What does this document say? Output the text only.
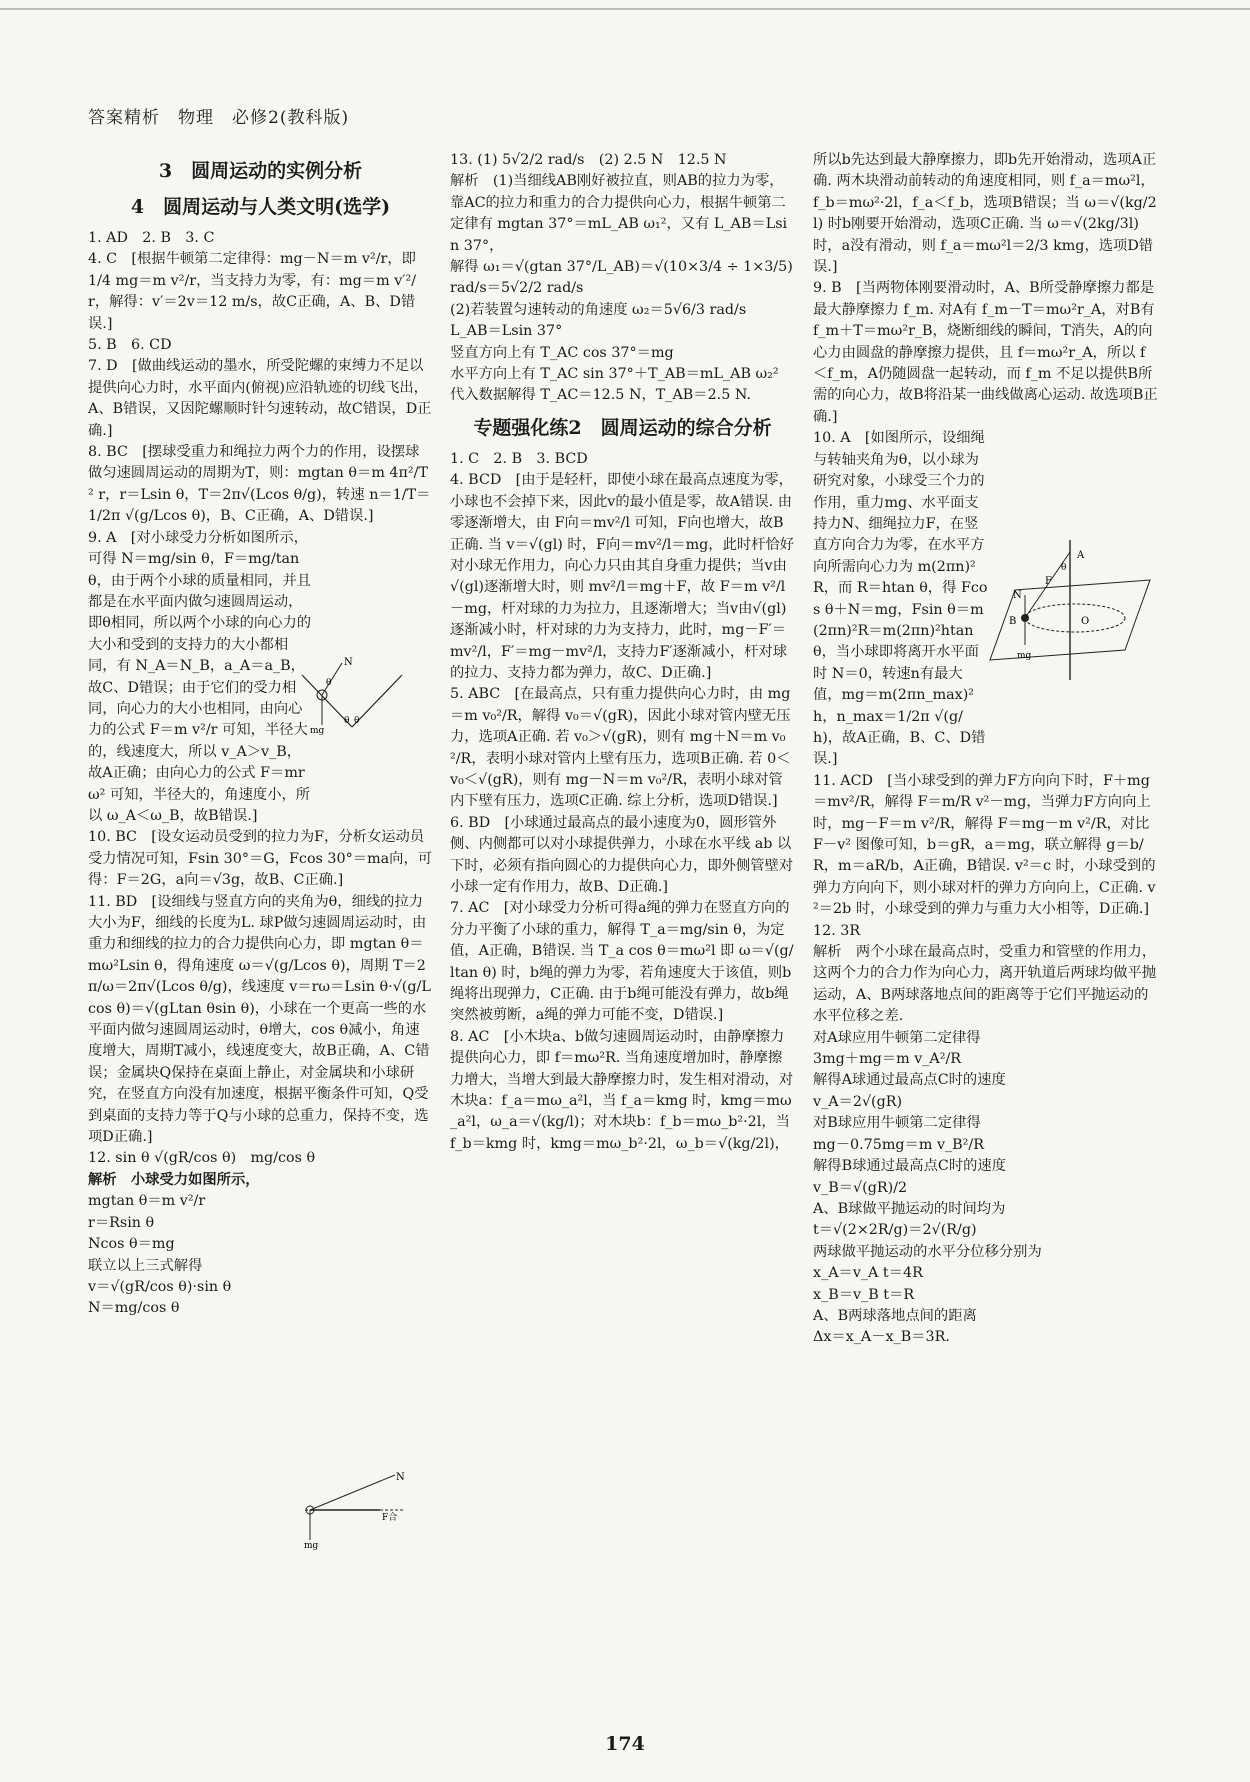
答案精析　物理　必修2(教科版)
3　圆周运动的实例分析
4　圆周运动与人类文明(选学)
1. AD　2. B　3. C
4. C　[根据牛顿第二定律得：mg－N＝m v²/r，即 1/4 mg＝m v²/r，当支持力为零，有：mg＝m v′²/r，解得：v′＝2v＝12 m/s，故C正确，A、B、D错误.]
5. B　6. CD
7. D　[做曲线运动的墨水，所受陀螺的束缚力不足以提供向心力时，水平面内(俯视)应沿轨迹的切线飞出，A、B错误，又因陀螺顺时针匀速转动，故C错误，D正确.]
8. BC　[摆球受重力和绳拉力两个力的作用，设摆球做匀速圆周运动的周期为T，则：mgtan θ＝m 4π²/T² r，r＝Lsin θ，T＝2π√(Lcos θ/g)，转速 n＝1/T＝1/2π √(g/Lcos θ)，B、C正确，A、D错误.]
9. A　[对小球受力分析如图所示，可得 N＝mg/sin θ，F＝mg/tan θ，由于两个小球的质量相同，并且都是在水平面内做匀速圆周运动，即θ相同，所以两个小球的向心力的大小和受到的支持力的大小都相同，有 N_A＝N_B，a_A＝a_B，故C、D错误；由于它们的受力相同，向心力的大小也相同，由向心力的公式 F＝m v²/r 可知，半径大的，线速度大，所以 v_A＞v_B，故A正确；由向心力的公式 F＝mrω² 可知，半径大的，角速度小，所以 ω_A＜ω_B，故B错误.]
10. BC　[设女运动员受到的拉力为F，分析女运动员受力情况可知，Fsin 30°＝G，Fcos 30°＝ma向，可得：F＝2G，a向＝√3g，故B、C正确.]
11. BD　[设细线与竖直方向的夹角为θ，细线的拉力大小为F，细线的长度为L. 球P做匀速圆周运动时，由重力和细线的拉力的合力提供向心力，即 mgtan θ＝mω²Lsin θ，得角速度 ω＝√(g/Lcos θ)，周期 T＝2π/ω＝2π√(Lcos θ/g)，线速度 v＝rω＝Lsin θ·√(g/Lcos θ)＝√(gLtan θsin θ)，小球在一个更高一些的水平面内做匀速圆周运动时，θ增大，cos θ减小，角速度增大，周期T减小，线速度变大，故B正确，A、C错误；金属块Q保持在桌面上静止，对金属块和小球研究，在竖直方向没有加速度，根据平衡条件可知，Q受到桌面的支持力等于Q与小球的总重力，保持不变，选项D正确.]
12. sin θ √(gR/cos θ)　mg/cos θ
解析　小球受力如图所示，
mgtan θ＝m v²/r
r＝Rsin θ
Ncos θ＝mg
联立以上三式解得
v＝√(gR/cos θ)·sin θ
N＝mg/cos θ
N
θ
mg
θ θ
N
F合
mg
13. (1) 5√2/2 rad/s　(2) 2.5 N　12.5 N
解析　(1)当细线AB刚好被拉直，则AB的拉力为零，靠AC的拉力和重力的合力提供向心力，根据牛顿第二定律有 mgtan 37°＝mL_AB ω₁²，又有 L_AB＝Lsin 37°，
解得 ω₁＝√(gtan 37°/L_AB)＝√(10×3/4 ÷ 1×3/5) rad/s＝5√2/2 rad/s
(2)若装置匀速转动的角速度 ω₂＝5√6/3 rad/s
L_AB＝Lsin 37°
竖直方向上有 T_AC cos 37°＝mg
水平方向上有 T_AC sin 37°＋T_AB＝mL_AB ω₂²
代入数据解得 T_AC＝12.5 N，T_AB＝2.5 N.
专题强化练2　圆周运动的综合分析
1. C　2. B　3. BCD
4. BCD　[由于是轻杆，即使小球在最高点速度为零，小球也不会掉下来，因此v的最小值是零，故A错误. 由零逐渐增大，由 F向＝mv²/l 可知，F向也增大，故B正确. 当 v＝√(gl) 时，F向＝mv²/l＝mg，此时杆恰好对小球无作用力，向心力只由其自身重力提供；当v由√(gl)逐渐增大时，则 mv²/l＝mg＋F，故 F＝m v²/l－mg，杆对球的力为拉力，且逐渐增大；当v由√(gl)逐渐减小时，杆对球的力为支持力，此时，mg－F′＝mv²/l，F′＝mg－mv²/l，支持力F′逐渐减小，杆对球的拉力、支持力都为弹力，故C、D正确.]
5. ABC　[在最高点，只有重力提供向心力时，由 mg＝m v₀²/R，解得 v₀＝√(gR)，因此小球对管内壁无压力，选项A正确. 若 v₀＞√(gR)，则有 mg＋N＝m v₀²/R，表明小球对管内上壁有压力，选项B正确. 若 0＜v₀＜√(gR)，则有 mg－N＝m v₀²/R，表明小球对管内下壁有压力，选项C正确. 综上分析，选项D错误.]
6. BD　[小球通过最高点的最小速度为0，圆形管外侧、内侧都可以对小球提供弹力，小球在水平线 ab 以下时，必须有指向圆心的力提供向心力，即外侧管壁对小球一定有作用力，故B、D正确.]
7. AC　[对小球受力分析可得a绳的弹力在竖直方向的分力平衡了小球的重力，解得 T_a＝mg/sin θ，为定值，A正确，B错误. 当 T_a cos θ＝mω²l 即 ω＝√(g/ltan θ) 时，b绳的弹力为零，若角速度大于该值，则b绳将出现弹力，C正确. 由于b绳可能没有弹力，故b绳突然被剪断，a绳的弹力可能不变，D错误.]
8. AC　[小木块a、b做匀速圆周运动时，由静摩擦力提供向心力，即 f＝mω²R. 当角速度增加时，静摩擦力增大，当增大到最大静摩擦力时，发生相对滑动，对木块a：f_a＝mω_a²l，当 f_a＝kmg 时，kmg＝mω_a²l，ω_a＝√(kg/l)；对木块b：f_b＝mω_b²·2l，当 f_b＝kmg 时，kmg＝mω_b²·2l，ω_b＝√(kg/2l)，
所以b先达到最大静摩擦力，即b先开始滑动，选项A正确. 两木块滑动前转动的角速度相同，则 f_a＝mω²l，f_b＝mω²·2l，f_a＜f_b，选项B错误；当 ω＝√(kg/2l) 时b刚要开始滑动，选项C正确. 当 ω＝√(2kg/3l) 时，a没有滑动，则 f_a＝mω²l＝2/3 kmg，选项D错误.]
9. B　[当两物体刚要滑动时，A、B所受静摩擦力都是最大静摩擦力 f_m. 对A有 f_m－T＝mω²r_A，对B有 f_m＋T＝mω²r_B，烧断细线的瞬间，T消失，A的向心力由圆盘的静摩擦力提供，且 f＝mω²r_A，所以 f＜f_m，A仍随圆盘一起转动，而 f_m 不足以提供B所需的向心力，故B将沿某一曲线做离心运动. 故选项B正确.]
10. A　[如图所示，设细绳与转轴夹角为θ，以小球为研究对象，小球受三个力的作用，重力mg、水平面支持力N、细绳拉力F，在竖直方向合力为零，在水平方向所需向心力为 m(2πn)²R，而 R＝htan θ，得 Fcos θ＋N＝mg，Fsin θ＝m(2πn)²R＝m(2πn)²htan θ，当小球即将离开水平面时 N＝0，转速n有最大值，mg＝m(2πn_max)²h，n_max＝1/2π √(g/h)，故A正确，B、C、D错误.]
11. ACD　[当小球受到的弹力F方向向下时，F＋mg＝mv²/R，解得 F＝m/R v²－mg，当弹力F方向向上时，mg－F＝m v²/R，解得 F＝mg－m v²/R，对比 F－v² 图像可知，b＝gR，a＝mg，联立解得 g＝b/R，m＝aR/b，A正确，B错误. v²＝c 时，小球受到的弹力方向向下，则小球对杆的弹力方向向上，C正确. v²＝2b 时，小球受到的弹力与重力大小相等，D正确.]
12. 3R
解析　两个小球在最高点时，受重力和管壁的作用力，这两个力的合力作为向心力，离开轨道后两球均做平抛运动，A、B两球落地点间的距离等于它们平抛运动的水平位移之差.
对A球应用牛顿第二定律得
3mg＋mg＝m v_A²/R
解得A球通过最高点C时的速度
v_A＝2√(gR)
对B球应用牛顿第二定律得
mg－0.75mg＝m v_B²/R
解得B球通过最高点C时的速度
v_B＝√(gR)/2
A、B球做平抛运动的时间均为
t＝√(2×2R/g)＝2√(R/g)
两球做平抛运动的水平分位移分别为
x_A＝v_A t＝4R
x_B＝v_B t＝R
A、B两球落地点间的距离
Δx＝x_A－x_B＝3R.
A
F
θ
N
B	O
mg
174
